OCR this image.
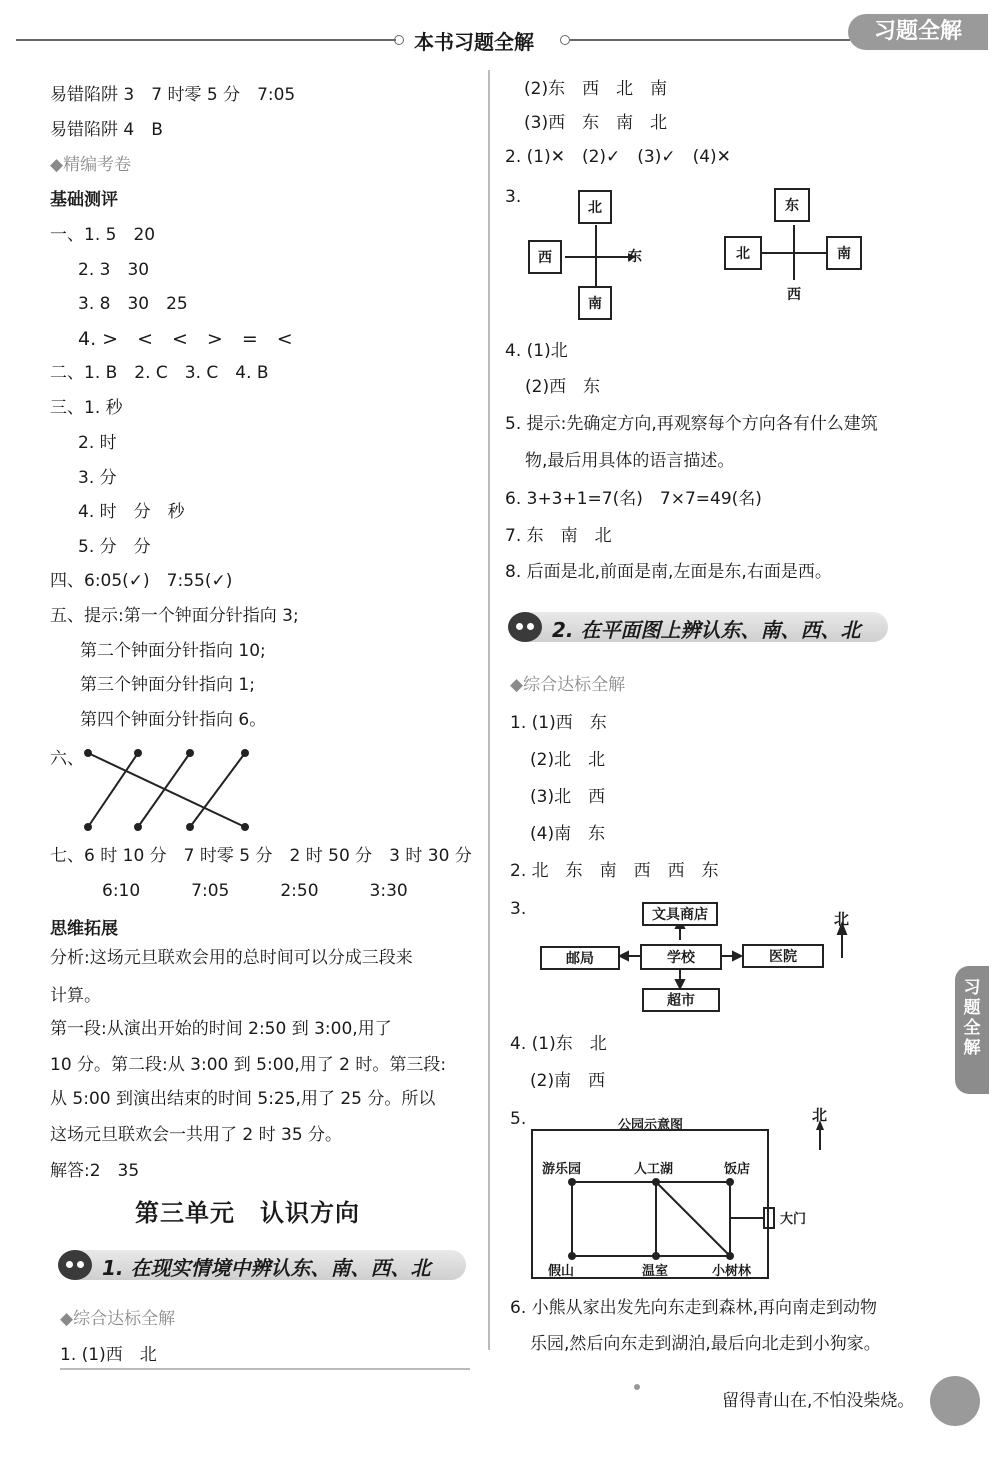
本书习题全解	习题全解
易错陷阱 3　7 时零 5 分　7:05
易错陷阱 4　B
◆精编考卷
基础测评
一、1. 5　20
2. 3　30
3. 8　30　25
4. >　<　<　>　=　<
二、1. B　2. C　3. C　4. B
三、1. 秒
2. 时
3. 分
4. 时　分　秒
5. 分　分
四、6:05(✓)　7:55(✓)
五、提示:第一个钟面分针指向 3;
第二个钟面分针指向 10;
第三个钟面分针指向 1;
第四个钟面分针指向 6。
六、
七、6 时 10 分　7 时零 5 分　2 时 50 分　3 时 30 分
6:10　　　7:05　　　2:50　　　3:30
思维拓展
分析:这场元旦联欢会用的总时间可以分成三段来
计算。
第一段:从演出开始的时间 2:50 到 3:00,用了
10 分。第二段:从 3:00 到 5:00,用了 2 时。第三段:
从 5:00 到演出结束的时间 5:25,用了 25 分。所以
这场元旦联欢会一共用了 2 时 35 分。
解答:2　35
第三单元　认识方向
1. 在现实情境中辨认东、南、西、北
◆综合达标全解
1. (1)西　北
(2)东　西　北　南
(3)西　东　南　北
2. (1)✕　(2)✓　(3)✓　(4)✕
3.
北
西	东
南
东
北	南
西
4. (1)北
(2)西　东
5. 提示:先确定方向,再观察每个方向各有什么建筑
物,最后用具体的语言描述。
6. 3+3+1=7(名)　7×7=49(名)
7. 东　南　北
8. 后面是北,前面是南,左面是东,右面是西。
2. 在平面图上辨认东、南、西、北
◆综合达标全解
1. (1)西　东
(2)北　北
(3)北　西
(4)南　东
2. 北　东　南　西　西　东
3.	文具商店
邮局	学校	医院
超市
北
4. (1)东　北
(2)南　西
5.	公园示意图
游乐园	人工湖	饭店
假山	温室	小树林
大门
北
6. 小熊从家出发先向东走到森林,再向南走到动物
乐园,然后向东走到湖泊,最后向北走到小狗家。
习题全解
留得青山在,不怕没柴烧。
